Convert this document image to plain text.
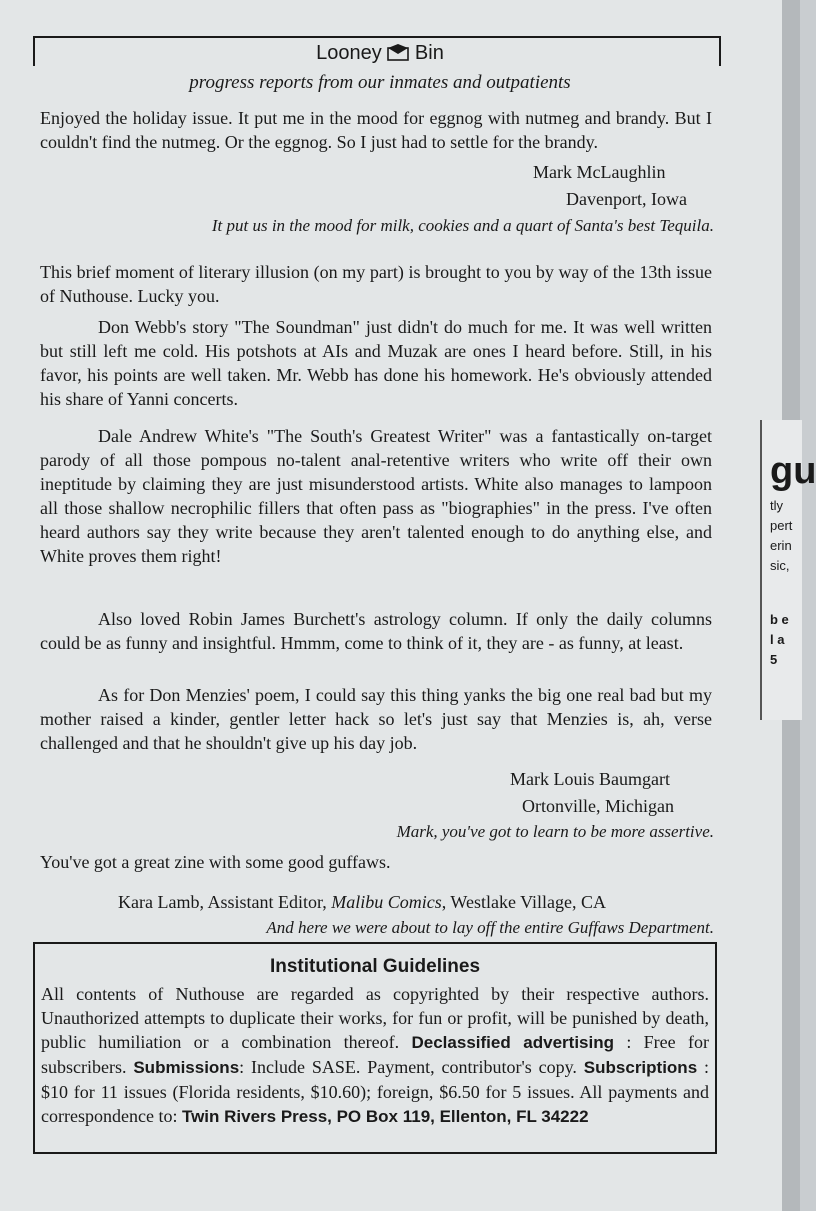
Looney Bin
progress reports from our inmates and outpatients
Enjoyed the holiday issue. It put me in the mood for eggnog with nutmeg and brandy. But I couldn't find the nutmeg. Or the eggnog. So I just had to settle for the brandy.
Mark McLaughlin
Davenport, Iowa
It put us in the mood for milk, cookies and a quart of Santa's best Tequila.
This brief moment of literary illusion (on my part) is brought to you by way of the 13th issue of Nuthouse. Lucky you.
Don Webb's story "The Soundman" just didn't do much for me. It was well written but still left me cold. His potshots at AIs and Muzak are ones I heard before. Still, in his favor, his points are well taken. Mr. Webb has done his homework. He's obviously attended his share of Yanni concerts.
Dale Andrew White's "The South's Greatest Writer" was a fantastically on-target parody of all those pompous no-talent anal-retentive writers who write off their own ineptitude by claiming they are just misunderstood artists. White also manages to lampoon all those shallow necrophilic fillers that often pass as "biographies" in the press. I've often heard authors say they write because they aren't talented enough to do anything else, and White proves them right!
Also loved Robin James Burchett's astrology column. If only the daily columns could be as funny and insightful. Hmmm, come to think of it, they are - as funny, at least.
As for Don Menzies' poem, I could say this thing yanks the big one real bad but my mother raised a kinder, gentler letter hack so let's just say that Menzies is, ah, verse challenged and that he shouldn't give up his day job.
Mark Louis Baumgart
Ortonville, Michigan
Mark, you've got to learn to be more assertive.
You've got a great zine with some good guffaws.
Kara Lamb, Assistant Editor, Malibu Comics, Westlake Village, CA
And here we were about to lay off the entire Guffaws Department.
Institutional Guidelines
All contents of Nuthouse are regarded as copyrighted by their respective authors. Unauthorized attempts to duplicate their works, for fun or profit, will be punished by death, public humiliation or a combination thereof. Declassified advertising : Free for subscribers. Submissions: Include SASE. Payment, contributor's copy. Subscriptions : $10 for 11 issues (Florida residents, $10.60); foreign, $6.50 for 5 issues. All payments and correspondence to: Twin Rivers Press, PO Box 119, Ellenton, FL 34222
gu
tly
pert
erin
sic,
b e
l a
5
